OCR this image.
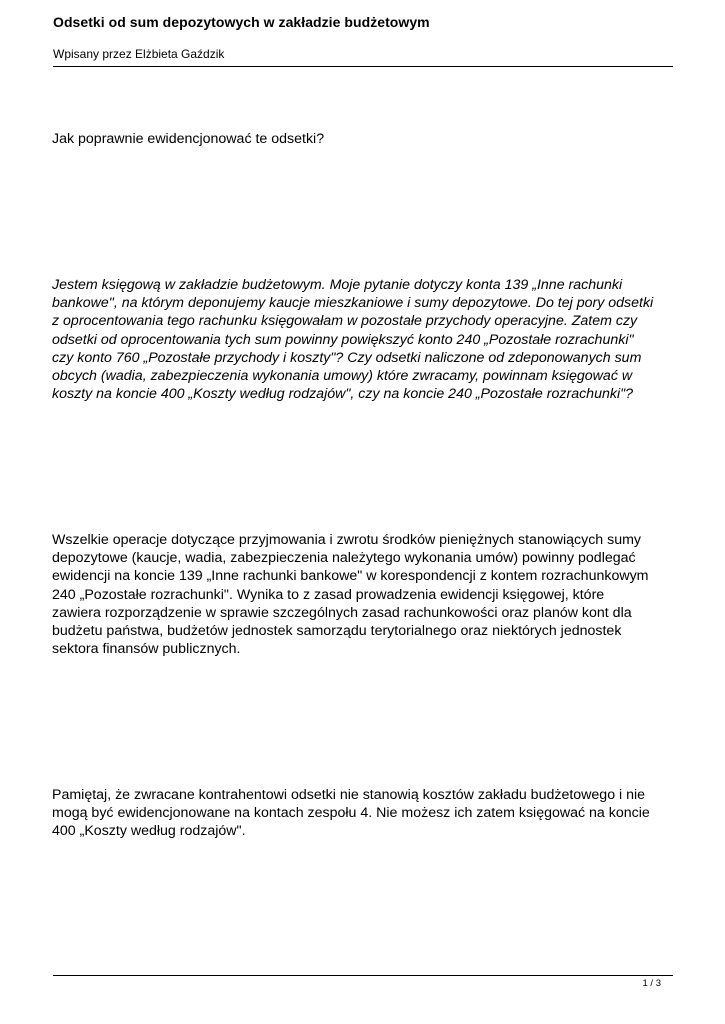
Odsetki od sum depozytowych w zakładzie budżetowym
Wpisany przez Elżbieta Gaździk

Jak poprawnie ewidencjonować te odsetki?

Jestem księgową w zakładzie budżetowym. Moje pytanie dotyczy konta 139 „Inne rachunki
bankowe", na którym deponujemy kaucje mieszkaniowe i sumy depozytowe. Do tej pory odsetki
z oprocentowania tego rachunku księgowałam w pozostałe przychody operacyjne. Zatem czy
odsetki od oprocentowania tych sum powinny powiększyć konto 240 „Pozostałe rozrachunki"
czy konto 760 „Pozostałe przychody i koszty"? Czy odsetki naliczone od zdeponowanych sum
obcych (wadia, zabezpieczenia wykonania umowy) które zwracamy, powinnam księgować w
koszty na koncie 400 „Koszty według rodzajów", czy na koncie 240 „Pozostałe rozrachunki"?

Wszelkie operacje dotyczące przyjmowania i zwrotu środków pieniężnych stanowiących sumy
depozytowe (kaucje, wadia, zabezpieczenia należytego wykonania umów) powinny podlegać
ewidencji na koncie 139 „Inne rachunki bankowe" w korespondencji z kontem rozrachunkowym
240 „Pozostałe rozrachunki". Wynika to z zasad prowadzenia ewidencji księgowej, które
zawiera rozporządzenie w sprawie szczególnych zasad rachunkowości oraz planów kont dla
budżetu państwa, budżetów jednostek samorządu terytorialnego oraz niektórych jednostek
sektora finansów publicznych.

Pamiętaj, że zwracane kontrahentowi odsetki nie stanowią kosztów zakładu budżetowego i nie
mogą być ewidencjonowane na kontach zespołu 4. Nie możesz ich zatem księgować na koncie
400 „Koszty według rodzajów".

1 / 3
